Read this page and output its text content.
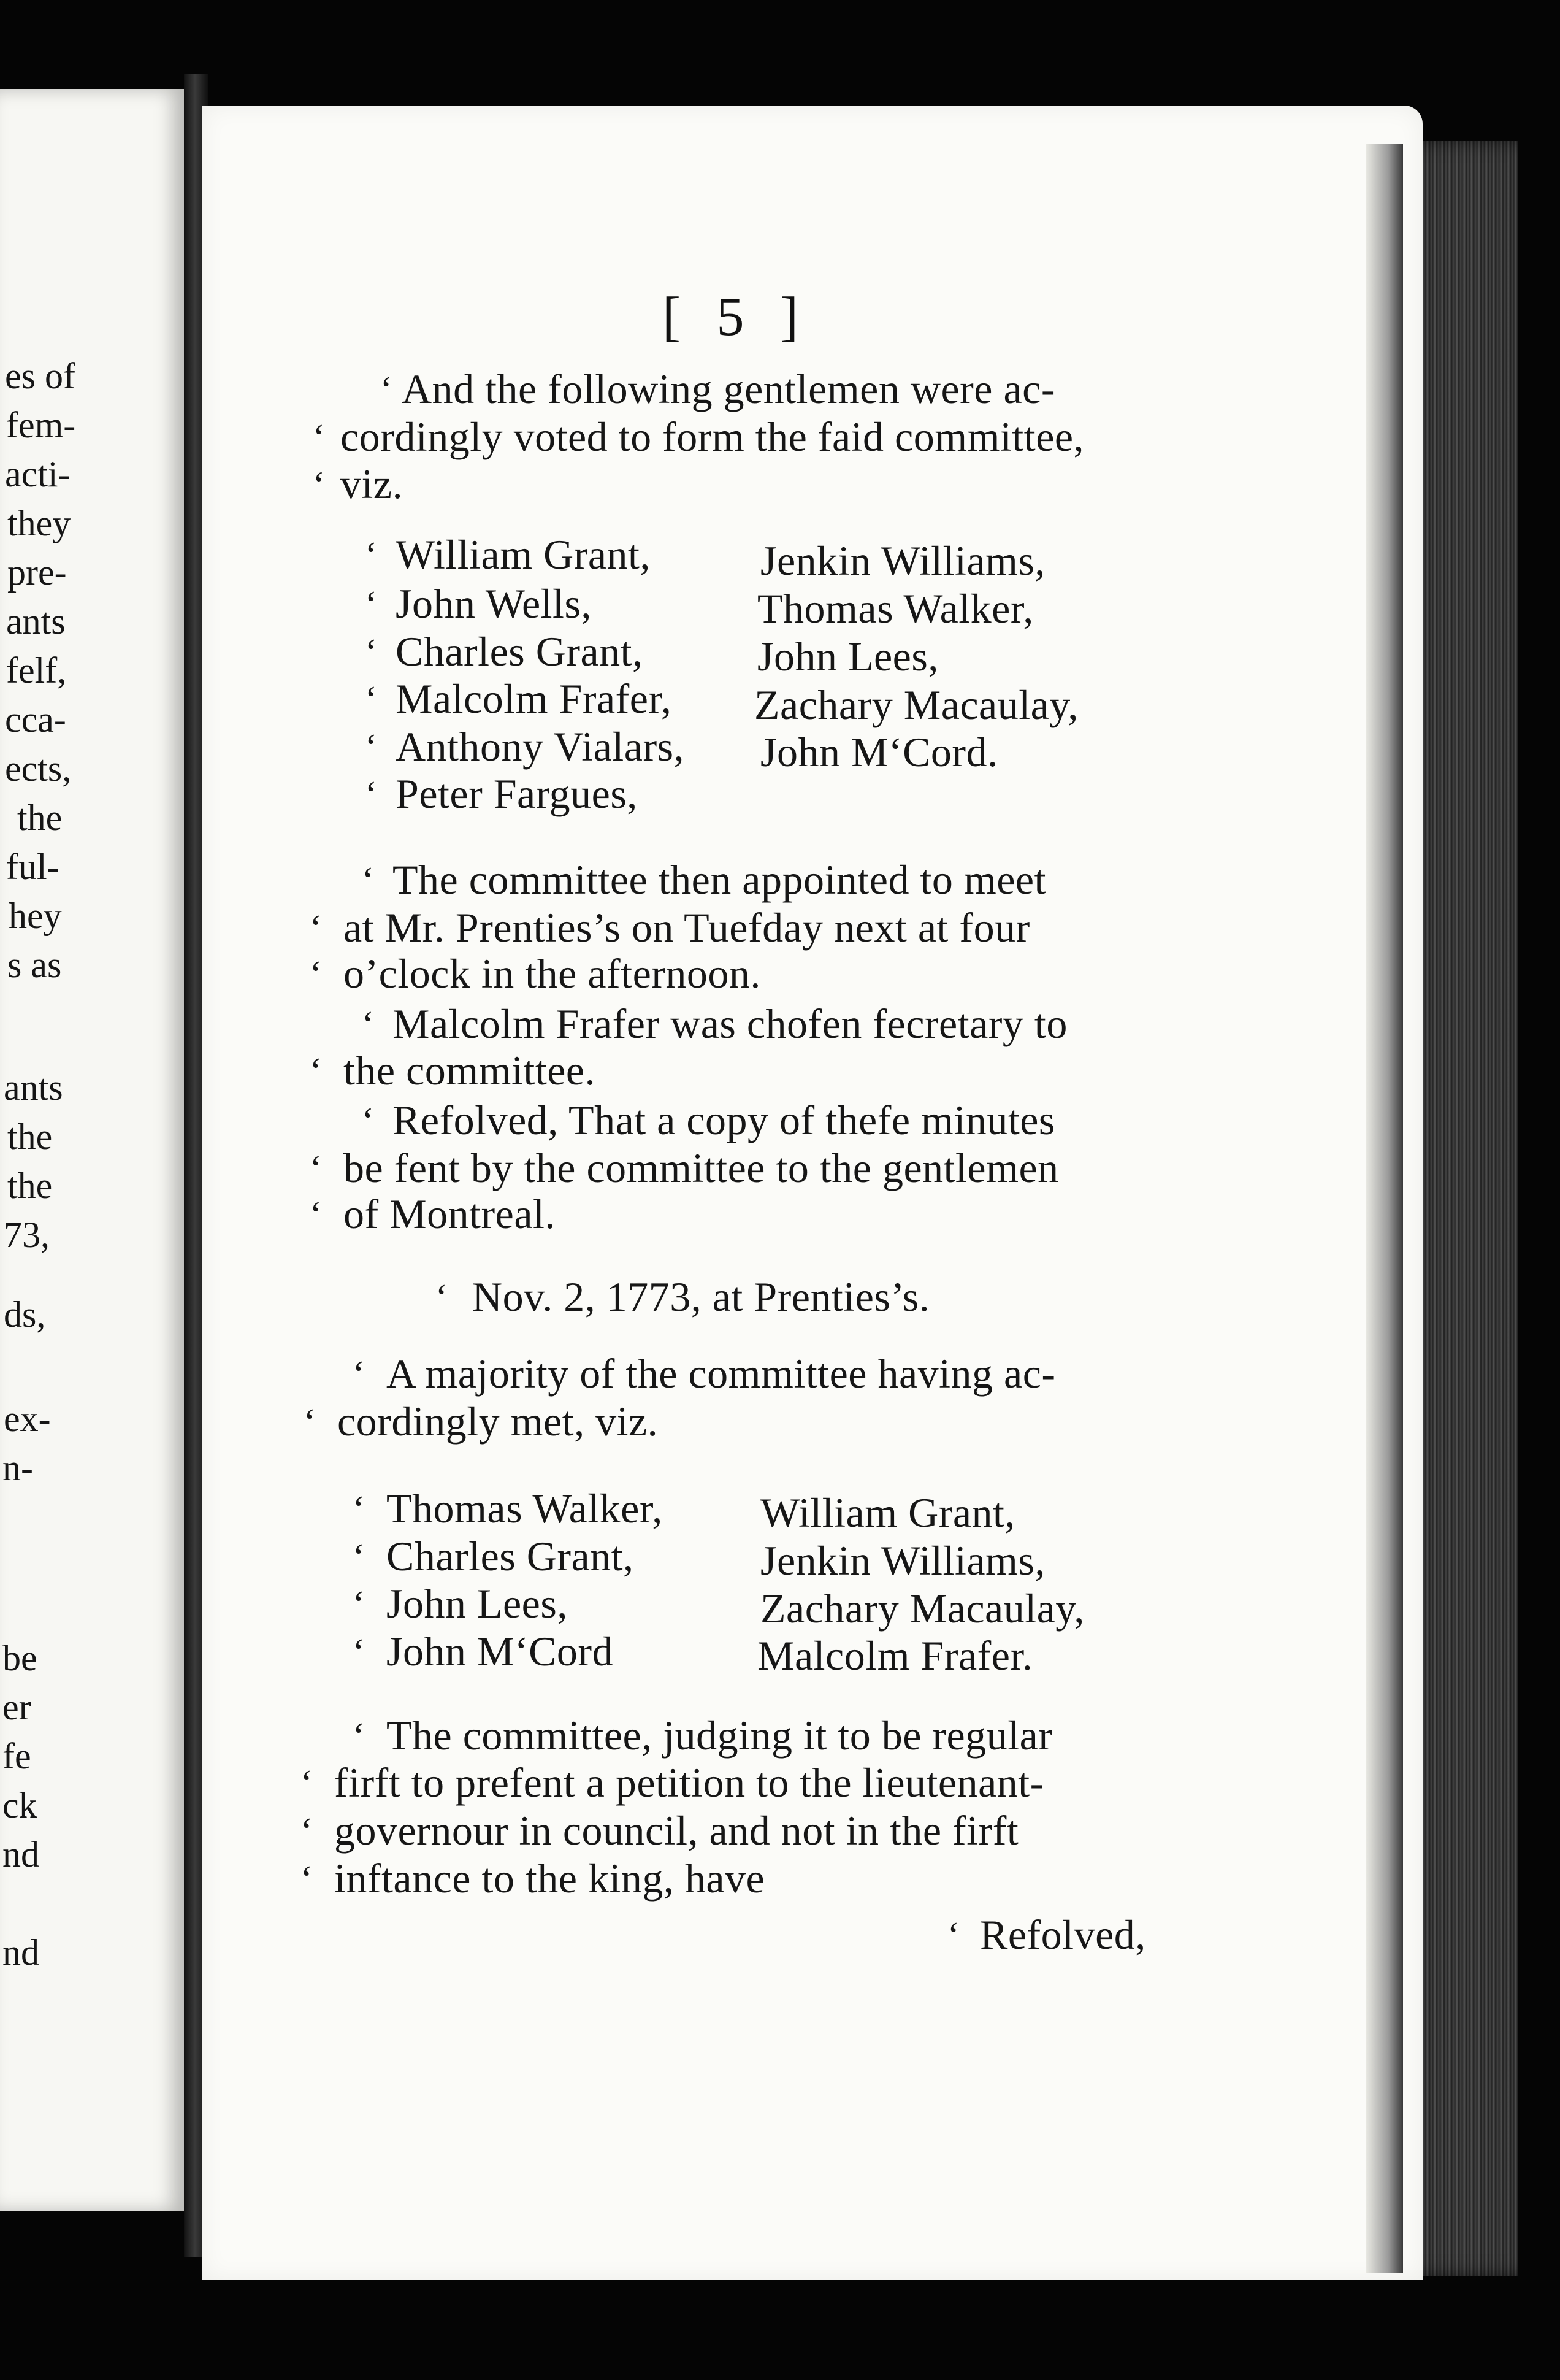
es of
fem-
acti-
they
pre-
ants
felf,
cca-
ects,
the
ful-
hey
s as
ants
the
the
73,
ds,
ex-
n-
be
er
fe
ck
nd
nd
[ 5 ]
‘ And the following gentlemen were ac-
‘ cordingly voted to form the faid committee,
‘ viz.
‘ William Grant,	Jenkin Williams,
‘ John Wells,	Thomas Walker,
‘ Charles Grant,	John Lees,
‘ Malcolm Frafer, Zachary Macaulay,
‘ Anthony Vialars, John M‘Cord.
‘ Peter Fargues,
‘ The committee then appointed to meet
‘ at Mr. Prenties’s on Tuefday next at four
‘ o’clock in the afternoon.
‘ Malcolm Frafer was chofen fecretary to
‘ the committee.
‘ Refolved, That a copy of thefe minutes
‘ be fent by the committee to the gentlemen
‘ of Montreal.
‘ Nov. 2, 1773, at Prenties’s.
‘ A majority of the committee having ac-
‘ cordingly met, viz.
‘ Thomas Walker, William Grant,
‘ Charles Grant,	Jenkin Williams,
‘ John Lees,	Zachary Macaulay,
‘ John M‘Cord	Malcolm Frafer.
‘ The committee, judging it to be regular
‘ firft to prefent a petition to the lieutenant-
‘ governour in council, and not in the firft
‘ inftance to the king, have
‘ Refolved,
